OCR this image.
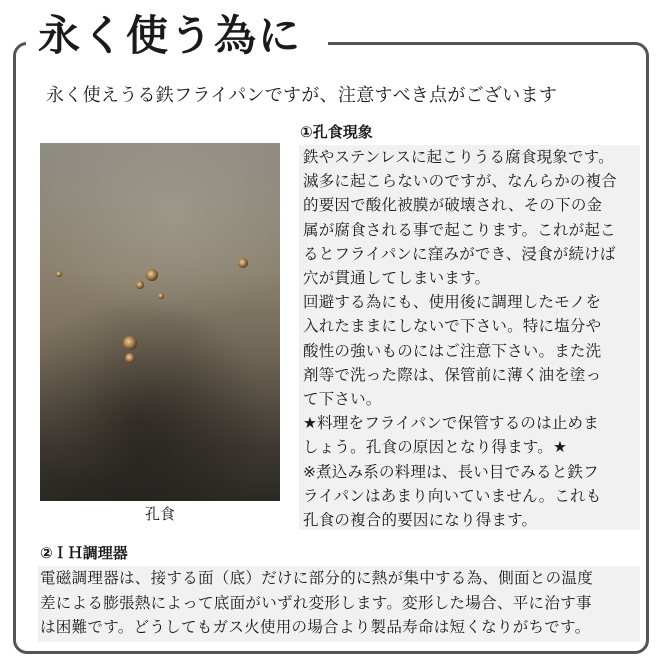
永く使う為に

永く使えうる鉄フライパンですが、注意すべき点がございます

孔食
①孔食現象

鉄やステンレスに起こりうる腐食現象です。

滅多に起こらないのですが、なんらかの複合

的要因で酸化被膜が破壊され、その下の金

属が腐食される事で起こります。これが起こ

るとフライパンに窪みができ、浸食が続けば

穴が貫通してしまいます。

回避する為にも、使用後に調理したモノを

入れたままにしないで下さい。特に塩分や

酸性の強いものにはご注意下さい。また洗

剤等で洗った際は、保管前に薄く油を塗っ

て下さい。

★料理をフライパンで保管するのは止めま

しょう。孔食の原因となり得ます。★

※煮込み系の料理は、長い目でみると鉄フ

ライパンはあまり向いていません。これも

孔食の複合的要因になり得ます。

②ＩＨ調理器

電磁調理器は、接する面（底）だけに部分的に熱が集中する為、側面との温度

差による膨張熱によって底面がいずれ変形します。変形した場合、平に治す事

は困難です。どうしてもガス火使用の場合より製品寿命は短くなりがちです。
